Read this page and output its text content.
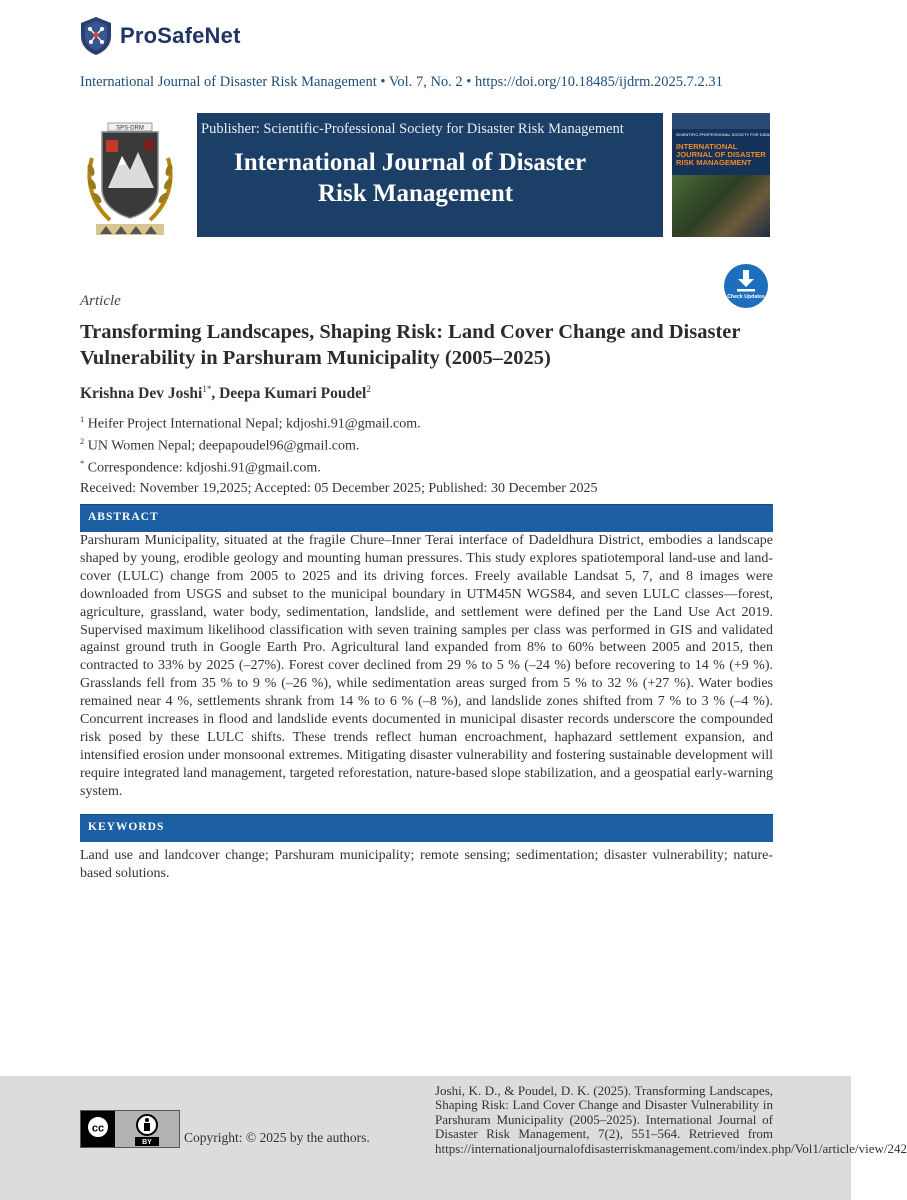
ProSafeNet
International Journal of Disaster Risk Management • Vol. 7, No. 2 • https://doi.org/10.18485/ijdrm.2025.7.2.31
SPS-DRM	Publisher: Scientific-Professional Society for Disaster Risk Management
International Journal of Disaster
Risk Management
SCIENTIFIC-PROFESSIONAL SOCIETY FOR DISASTER RISK MANAGEMENT
INTERNATIONAL JOURNAL OF DISASTER RISK MANAGEMENT
Check Updates
Article
Transforming Landscapes, Shaping Risk: Land Cover Change and Disaster Vulnerability in Parshuram Municipality (2005–2025)
Krishna Dev Joshi$^{1*}$, Deepa Kumari Poudel$^2$
$^1$ Heifer Project International Nepal; kdjoshi.91@gmail.com.
$^2$ UN Women Nepal; deepapoudel96@gmail.com.
* Correspondence: kdjoshi.91@gmail.com.
Received: November 19,2025; Accepted: 05 December 2025; Published: 30 December 2025
ABSTRACT
Parshuram Municipality, situated at the fragile Chure–Inner Terai interface of Dadeldhura District, embodies a landscape shaped by young, erodible geology and mounting human pressures. This study explores spatiotemporal land-use and land-cover (LULC) change from 2005 to 2025 and its driving forces. Freely available Landsat 5, 7, and 8 images were downloaded from USGS and subset to the municipal boundary in UTM45N WGS84, and seven LULC classes—forest, agriculture, grassland, water body, sedimentation, landslide, and settlement were defined per the Land Use Act 2019. Supervised maximum likelihood classification with seven training samples per class was performed in GIS and validated against ground truth in Google Earth Pro. Agricultural land expanded from 8% to 60% between 2005 and 2015, then contracted to 33% by 2025 (–27%). Forest cover declined from 29 % to 5 % (–24 %) before recovering to 14 % (+9 %). Grasslands fell from 35 % to 9 % (–26 %), while sedimentation areas surged from 5 % to 32 % (+27 %). Water bodies remained near 4 %, settlements shrank from 14 % to 6 % (–8 %), and landslide zones shifted from 7 % to 3 % (–4 %). Concurrent increases in flood and landslide events documented in municipal disaster records underscore the compounded risk posed by these LULC shifts. These trends reflect human encroachment, haphazard settlement expansion, and intensified erosion under monsoonal extremes. Mitigating disaster vulnerability and fostering sustainable development will require integrated land management, targeted reforestation, nature-based slope stabilization, and a geospatial early-warning system.
KEYWORDS
Land use and landcover change; Parshuram municipality; remote sensing; sedimentation; disaster vulnerability; nature-based solutions.
cc
BY Copyright: © 2025 by the authors.
Joshi, K. D., & Poudel, D. K. (2025). Transforming Landscapes, Shaping Risk: Land Cover Change and Disaster Vulnerability in Parshuram Municipality (2005–2025). International Journal of Disaster Risk Management, 7(2), 551–564. Retrieved from https://internationaljournalofdisasterriskmanagement.com/index.php/Vol1/article/view/242
